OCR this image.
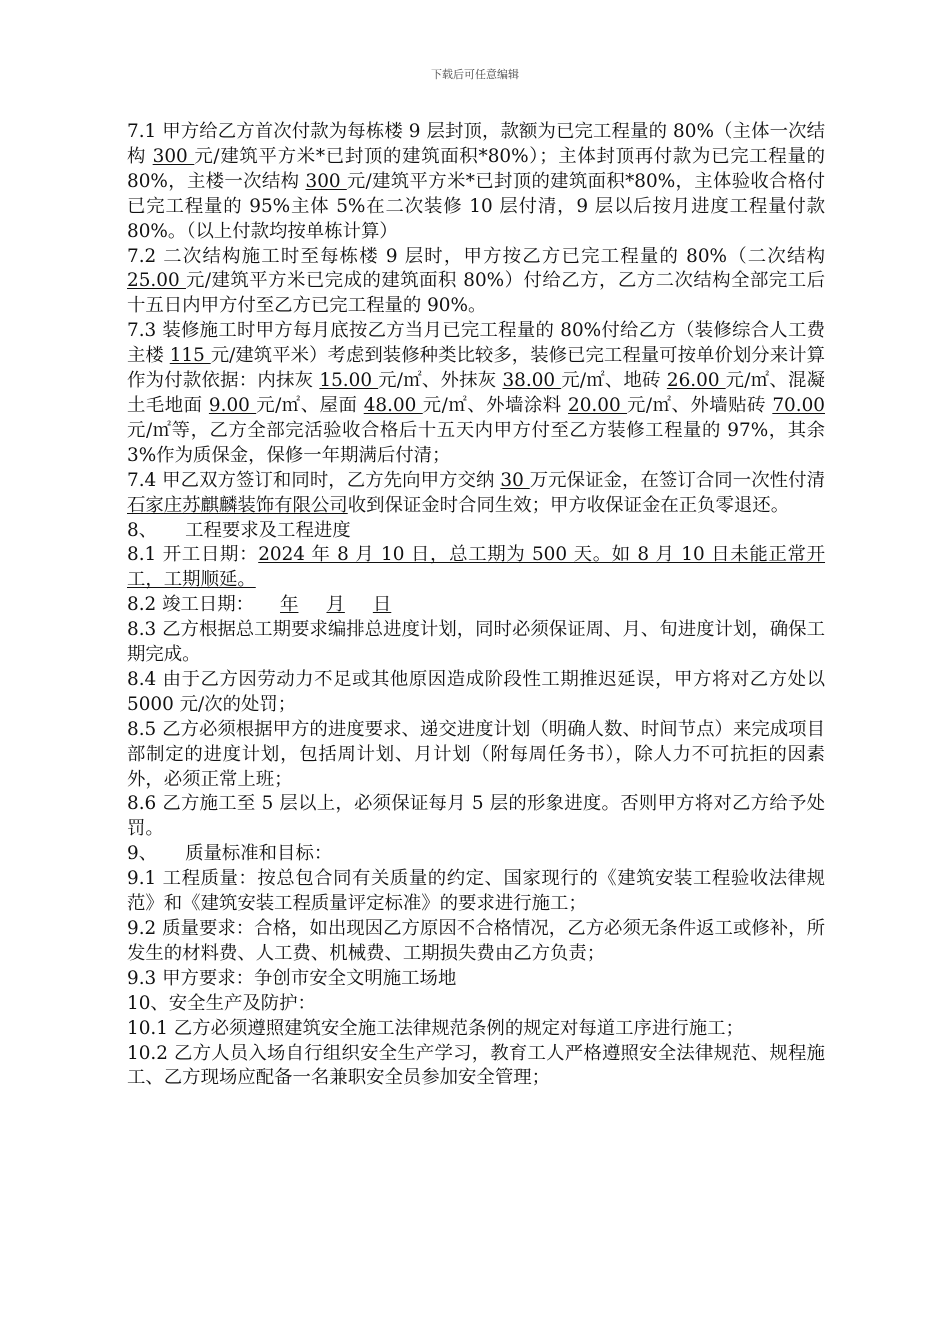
下载后可任意编辑

7.1 甲方给乙方首次付款为每栋楼 9 层封顶，款额为已完工程量的 80%（主体一次结构 300 元/建筑平方米*已封顶的建筑面积*80%）；主体封顶再付款为已完工程量的 80%，主楼一次结构 300 元/建筑平方米*已封顶的建筑面积*80%，主体验收合格付已完工程量的 95%主体 5%在二次装修 10 层付清，9 层以后按月进度工程量付款 80%。（以上付款均按单栋计算）

7.2 二次结构施工时至每栋楼 9 层时，甲方按乙方已完工程量的 80%（二次结构 25.00 元/建筑平方米已完成的建筑面积 80%）付给乙方，乙方二次结构全部完工后十五日内甲方付至乙方已完工程量的 90%。

7.3 装修施工时甲方每月底按乙方当月已完工程量的 80%付给乙方（装修综合人工费主楼 115 元/建筑平米）考虑到装修种类比较多，装修已完工程量可按单价划分来计算作为付款依据：内抹灰 15.00 元/㎡、外抹灰 38.00 元/㎡、地砖 26.00 元/㎡、混凝土毛地面 9.00 元/㎡、屋面 48.00 元/㎡、外墙涂料 20.00 元/㎡、外墙贴砖 70.00 元/㎡等，乙方全部完活验收合格后十五天内甲方付至乙方装修工程量的 97%，其余 3%作为质保金，保修一年期满后付清；

7.4 甲乙双方签订和同时，乙方先向甲方交纳 30 万元保证金，在签订合同一次性付清石家庄苏麒麟装饰有限公司收到保证金时合同生效；甲方收保证金在正负零退还。

8、 工程要求及工程进度

8.1 开工日期：2024 年 8 月 10 日，总工期为 500 天。如 8 月 10 日未能正常开工，工期顺延。

8.2 竣工日期： 年 月 日

8.3 乙方根据总工期要求编排总进度计划，同时必须保证周、月、旬进度计划，确保工期完成。

8.4 由于乙方因劳动力不足或其他原因造成阶段性工期推迟延误，甲方将对乙方处以 5000 元/次的处罚；

8.5 乙方必须根据甲方的进度要求、递交进度计划（明确人数、时间节点）来完成项目部制定的进度计划，包括周计划、月计划（附每周任务书），除人力不可抗拒的因素外，必须正常上班；

8.6 乙方施工至 5 层以上，必须保证每月 5 层的形象进度。否则甲方将对乙方给予处罚。

9、 质量标准和目标：

9.1 工程质量：按总包合同有关质量的约定、国家现行的《建筑安装工程验收法律规范》和《建筑安装工程质量评定标准》的要求进行施工；

9.2 质量要求：合格，如出现因乙方原因不合格情况，乙方必须无条件返工或修补，所发生的材料费、人工费、机械费、工期损失费由乙方负责；

9.3 甲方要求：争创市安全文明施工场地

10、安全生产及防护：

10.1 乙方必须遵照建筑安全施工法律规范条例的规定对每道工序进行施工；

10.2 乙方人员入场自行组织安全生产学习，教育工人严格遵照安全法律规范、规程施工、乙方现场应配备一名兼职安全员参加安全管理；
